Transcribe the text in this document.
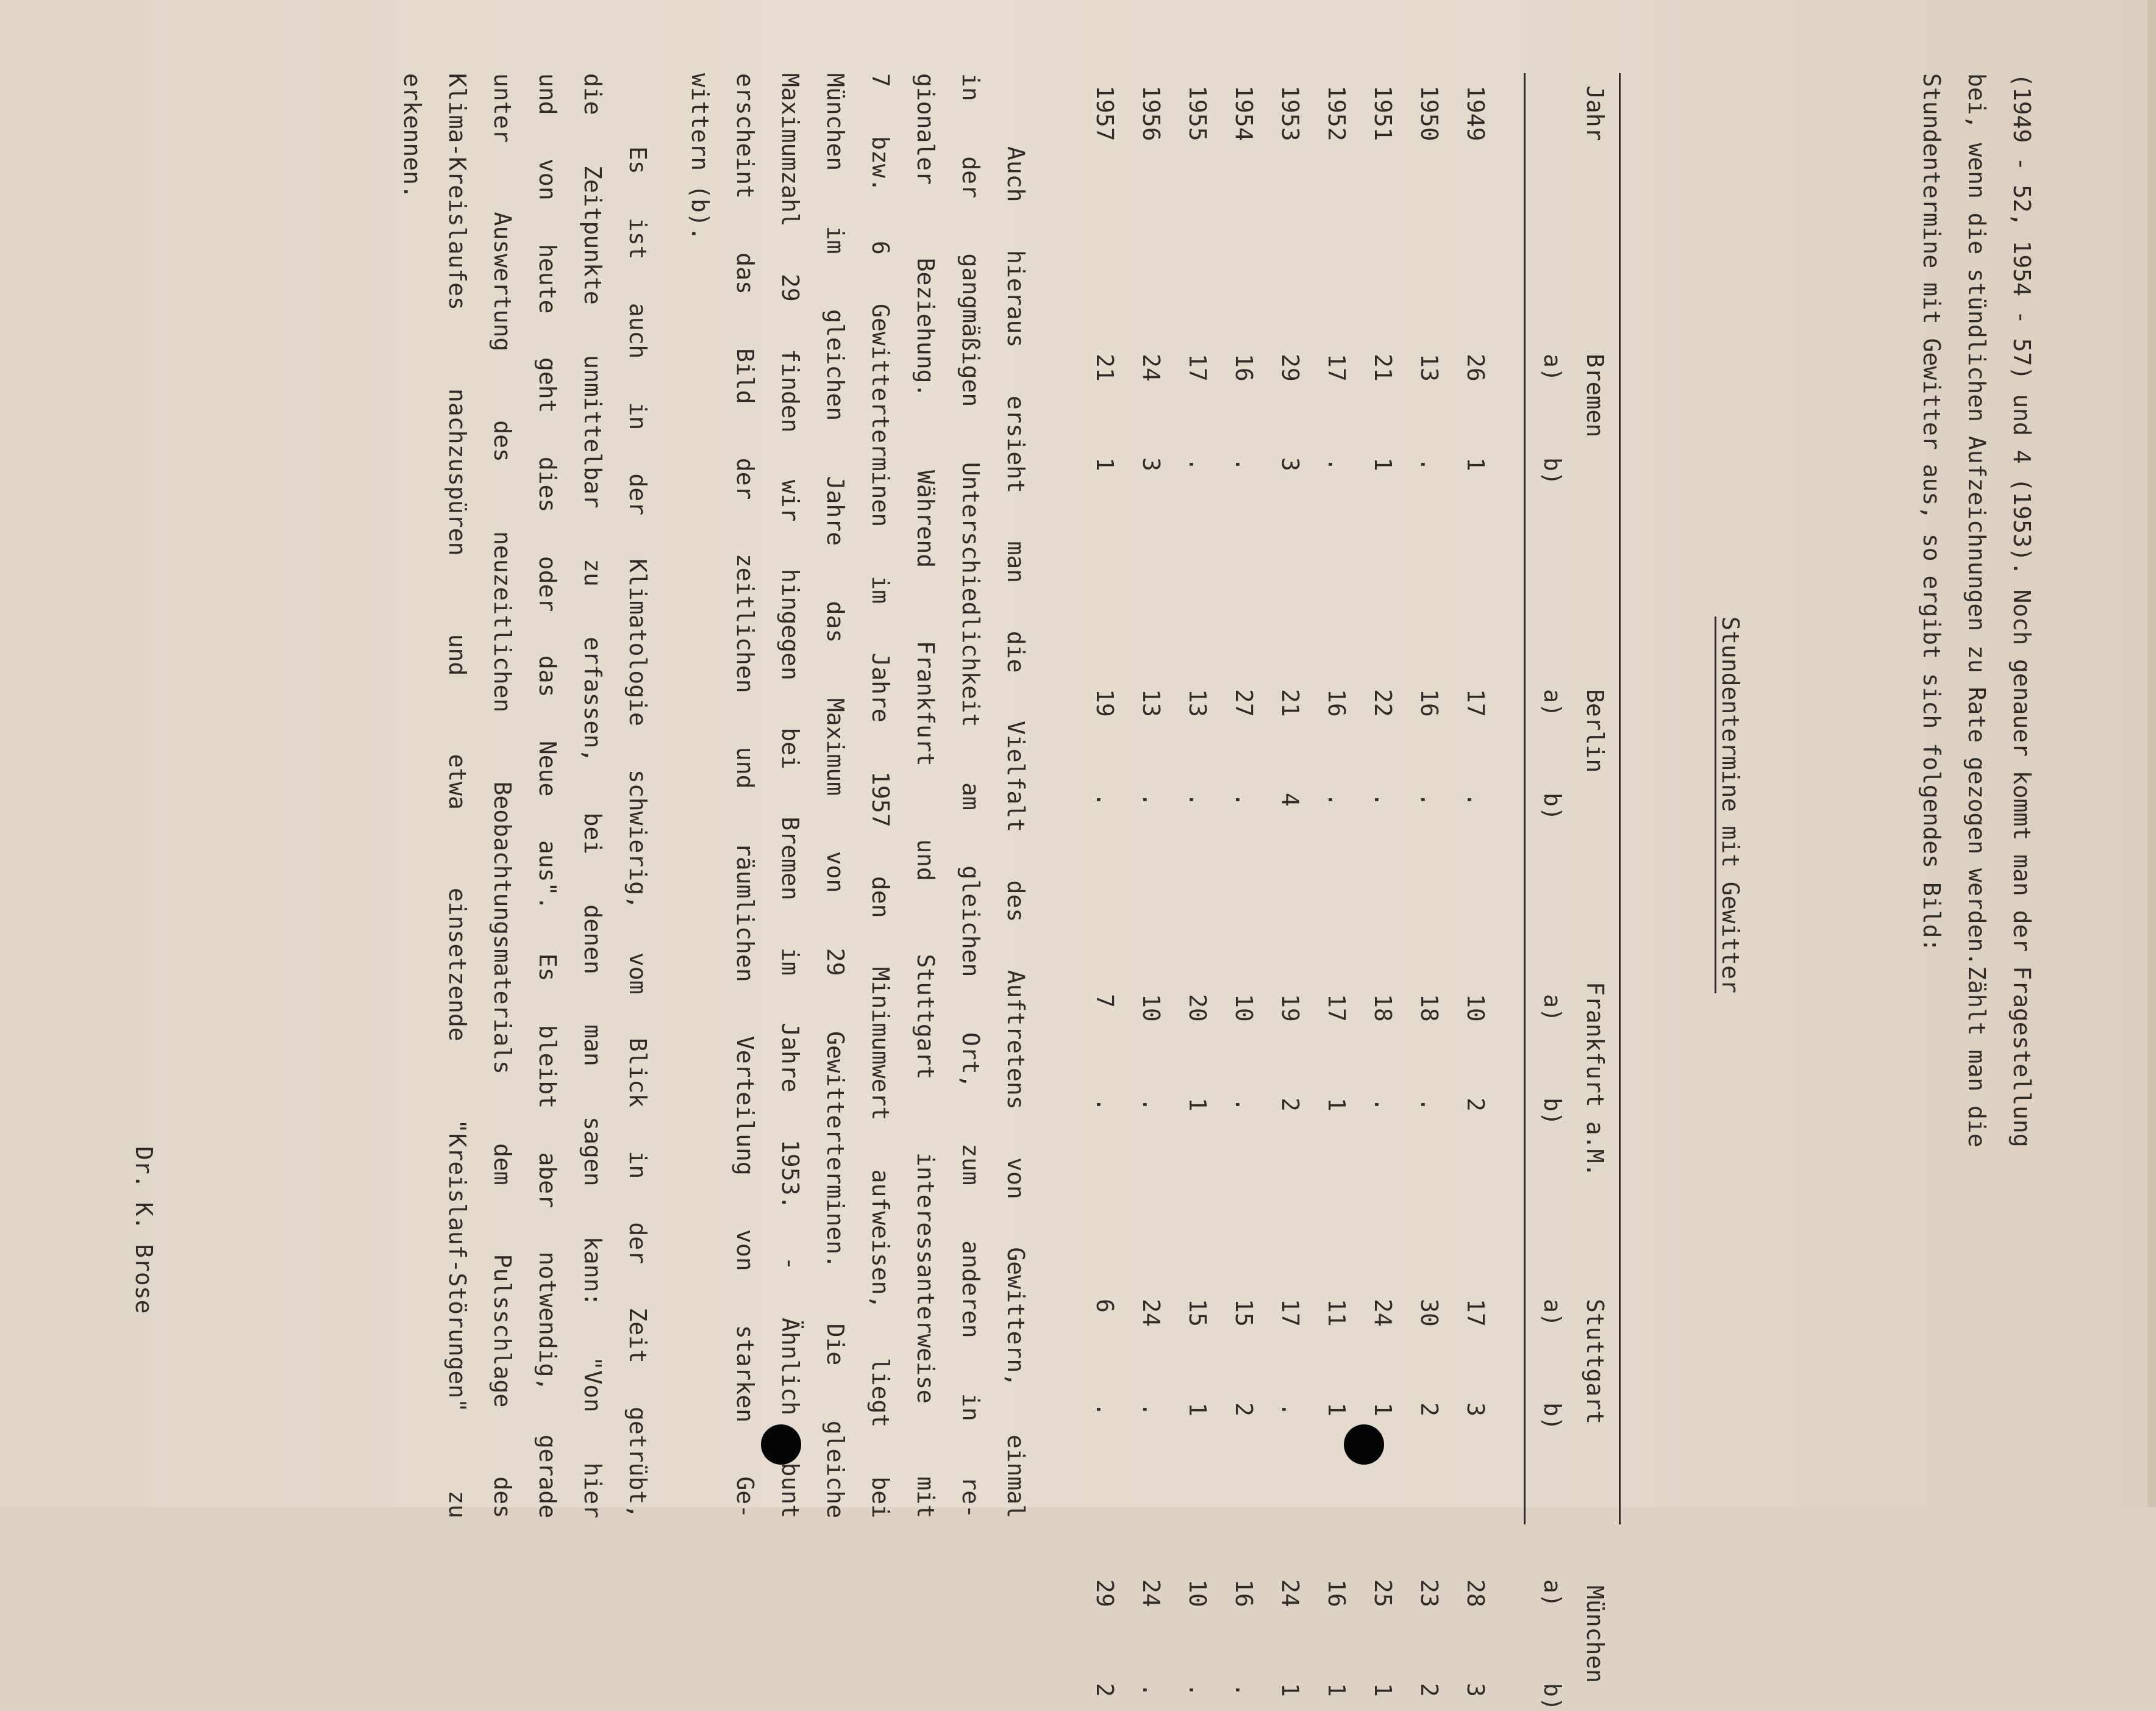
(1949 - 52, 1954 - 57) und 4 (1953). Noch genauer kommt man der Fragestellung
bei, wenn die stündlichen Aufzeichnungen zu Rate gezogen werden.Zählt man die
Stundentermine mit Gewitter aus, so ergibt sich folgendes Bild:
Stundentermine mit Gewitter
Jahr
Bremen
a)
b)
Berlin
a)
b)
Frankfurt a.M.
a)
b)
Stuttgart
a)
b)
München
a)
b)
1949
26
1
17
.
10
2
17
3
28
3
1950
13
.
16
.
18
.
30
2
23
2
1951
21
1
22
.
18
.
24
1
25
1
1952
17
.
16
.
17
1
11
1
16
1
1953
29
3
21
4
19
2
17
.
24
1
1954
16
.
27
.
10
.
15
2
16
.
1955
17
.
13
.
20
1
15
1
10
.
1956
24
3
13
.
10
.
24
.
24
.
1957
21
1
19
.
7
.
6
.
29
2
Auch hieraus ersieht man die Vielfalt des Auftretens von Gewittern, einmal
in der gangmäßigen Unterschiedlichkeit am gleichen Ort, zum anderen in re-
gionaler Beziehung. Während Frankfurt und Stuttgart interessanterweise mit
7 bzw. 6 Gewitterterminen im Jahre 1957 den Minimumwert aufweisen, liegt bei
München im gleichen Jahre das Maximum von 29 Gewitterterminen. Die gleiche
Maximumzahl 29 finden wir hingegen bei Bremen im Jahre 1953. - Ähnlich bunt
erscheint das Bild der zeitlichen und räumlichen Verteilung von starken Ge-
wittern (b).
Es ist auch in der Klimatologie schwierig, vom Blick in der Zeit getrübt,
die Zeitpunkte unmittelbar zu erfassen, bei denen man sagen kann: "Von hier
und von heute geht dies oder das Neue aus". Es bleibt aber notwendig, gerade
unter Auswertung des neuzeitlichen Beobachtungsmaterials dem Pulsschlage des
Klima-Kreislaufes nachzuspüren und etwa einsetzende "Kreislauf-Störungen" zu
erkennen.
Dr. K. Brose
